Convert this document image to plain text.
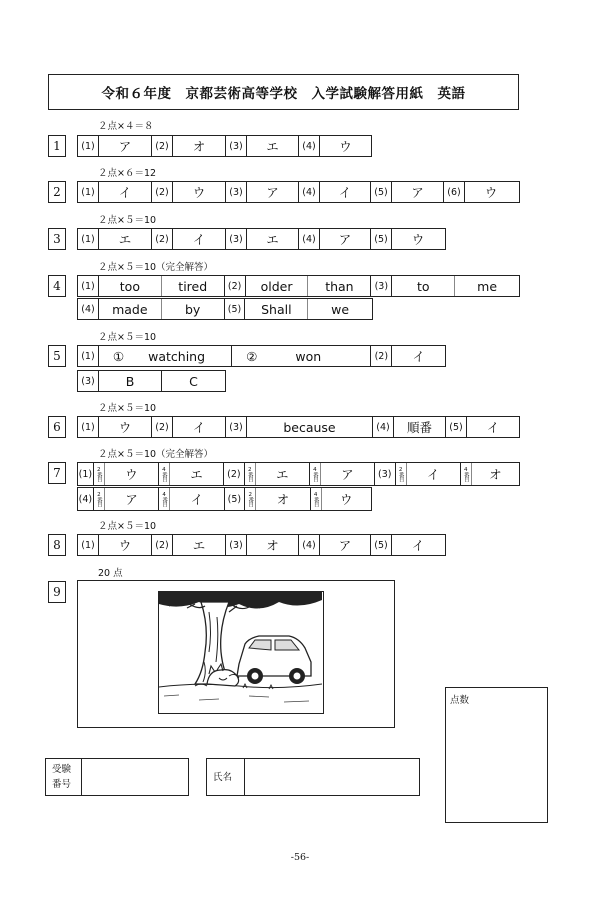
令和６年度　京都芸術高等学校　入学試験解答用紙　英語
２点×４＝８
1	(1)	ア	(2)	オ	(3)	エ	(4)	ウ
２点×６＝12
2	(1)	イ	(2)	ウ	(3)	ア	(4)	イ	(5)	ア	(6)	ウ
２点×５＝10
3	(1)	エ	(2)	イ	(3)	エ	(4)	ア	(5)	ウ
２点×５＝10（完全解答）
4	(1)	too	tired	(2)	older	than	(3)	to	me
(4)	made	by	(5)	Shall	we
２点×５＝10
5	(1)	① watching	②	won	(2)	イ
(3)	B	C
２点×５＝10
6	(1)	ウ	(2)	イ	(3)	because	(4)	順番	(5)	イ
２点×５＝10（完全解答）
7	(1) 2番目	ウ	4番目	エ	(2)	2番目	エ	4番目	ア	(3)	2番目	イ	4番目	オ
(4) 2番目	ア	4番目	イ	(5)	2番目	オ	4番目	ウ
２点×５＝10
8	(1)	ウ	(2)	エ	(3)	オ	(4)	ア	(5)	イ
20 点
9
点数
受験
番号
氏名
-56-
